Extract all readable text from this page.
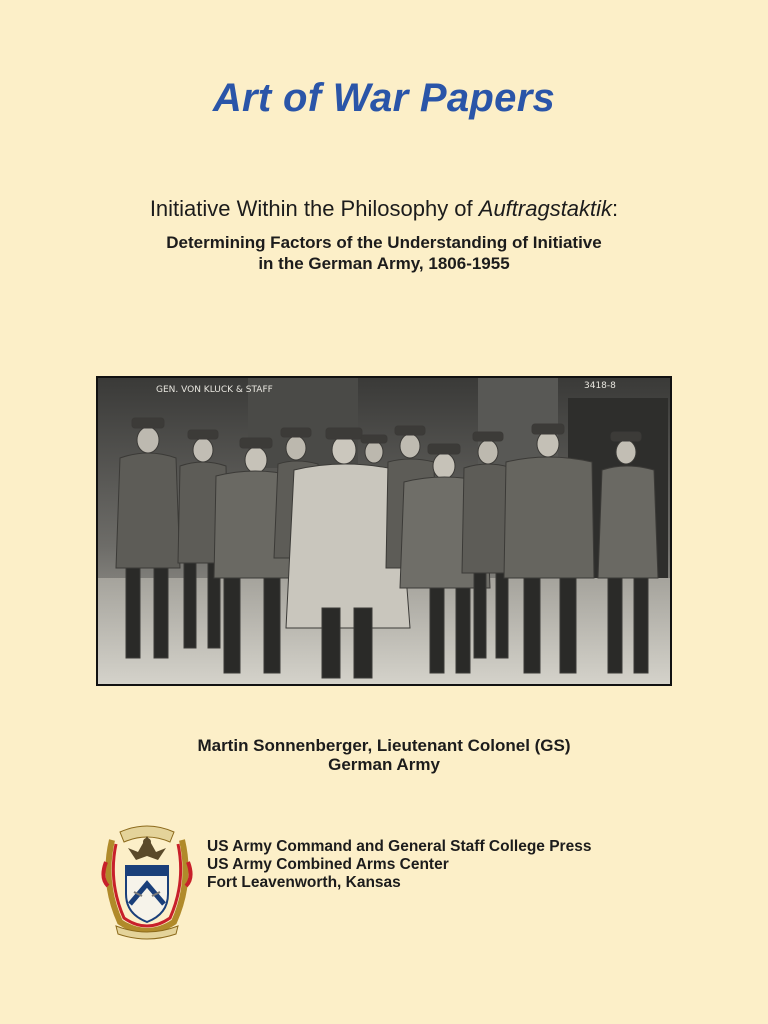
Art of War Papers
Initiative Within the Philosophy of Auftragstaktik:
Determining Factors of the Understanding of Initiative
in the German Army, 1806-1955
GEN. VON KLUCK & STAFF	3418-8
Martin Sonnenberger, Lieutenant Colonel (GS)
German Army
US Army Command and General Staff College Press
US Army Combined Arms Center
Fort Leavenworth, Kansas
